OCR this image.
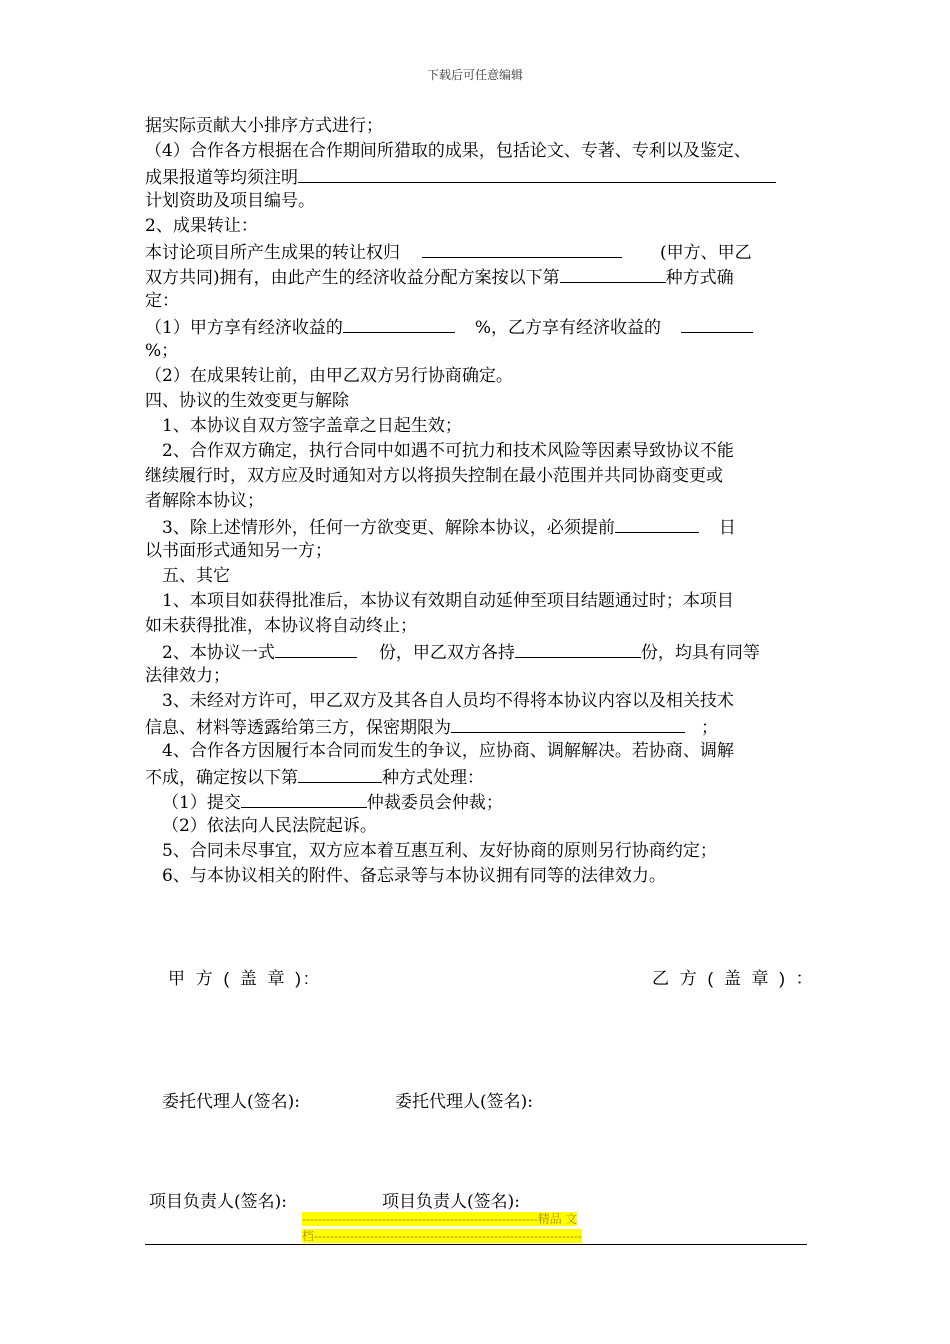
下载后可任意编辑
据实际贡献大小排序方式进行；
（4）合作各方根据在合作期间所猎取的成果，包括论文、专著、专利以及鉴定、
成果报道等均须注明
计划资助及项目编号。
2、成果转让：
本讨论项目所产生成果的转让权归	(甲方、甲乙
双方共同)拥有，由此产生的经济收益分配方案按以下第	种方式确
定：
（1）甲方享有经济收益的	%，乙方享有经济收益的
%；
（2）在成果转让前，由甲乙双方另行协商确定。
四、协议的生效变更与解除
1、本协议自双方签字盖章之日起生效；
2、合作双方确定，执行合同中如遇不可抗力和技术风险等因素导致协议不能
继续履行时，双方应及时通知对方以将损失控制在最小范围并共同协商变更或
者解除本协议；
3、除上述情形外，任何一方欲变更、解除本协议，必须提前	日
以书面形式通知另一方；
五、其它
1、本项目如获得批准后，本协议有效期自动延伸至项目结题通过时；本项目
如未获得批准，本协议将自动终止；
2、本协议一式	份，甲乙双方各持	份，均具有同等
法律效力；
3、未经对方许可，甲乙双方及其各自人员均不得将本协议内容以及相关技术
信息、材料等透露给第三方，保密期限为	；
4、合作各方因履行本合同而发生的争议，应协商、调解解决。若协商、调解
不成，确定按以下第	种方式处理：
（1）提交	仲裁委员会仲裁；
（2）依法向人民法院起诉。
5、合同未尽事宜，双方应本着互惠互利、友好协商的原则另行协商约定；
6、与本协议相关的附件、备忘录等与本协议拥有同等的法律效力。
甲 方 ( 盖 章 ):	乙 方 ( 盖 章 ) ：
委托代理人(签名):	委托代理人(签名):
项目负责人(签名):	项目负责人(签名):
-----------------------------------------------------------精品 文
档-------------------------------------------------------------------
